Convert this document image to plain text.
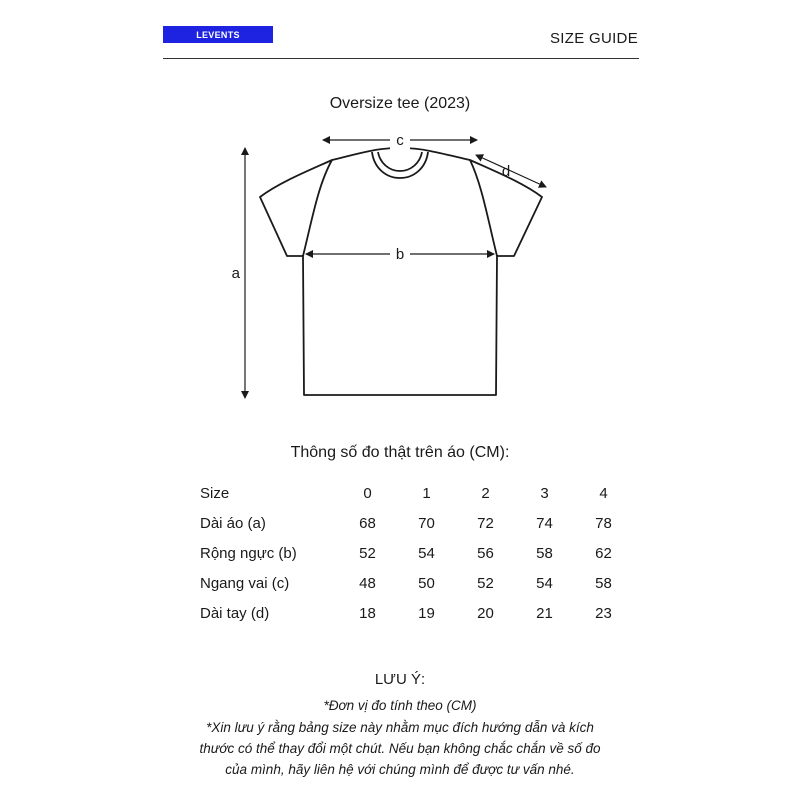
LEVENTS	SIZE GUIDE
Oversize tee (2023)
a
b
c
d
Thông số đo thật trên áo (CM):
Size	0	1	2	3	4
Dài áo (a)	68	70	72	74	78
Rộng ngực (b)	52	54	56	58	62
Ngang vai (c)	48	50	52	54	58
Dài tay (d)	18	19	20	21	23
LƯU Ý:
*Đơn vị đo tính theo (CM)
*Xin lưu ý rằng bảng size này nhằm mục đích hướng dẫn và kích
thước có thể thay đổi một chút. Nếu bạn không chắc chắn về số đo
của mình, hãy liên hệ với chúng mình để được tư vấn nhé.
